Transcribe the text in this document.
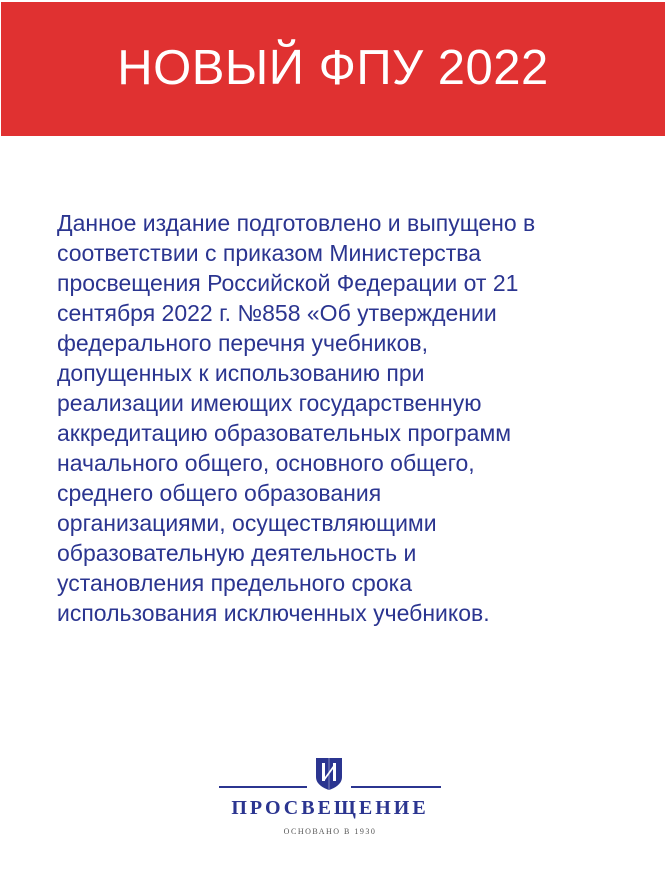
НОВЫЙ ФПУ 2022

Данное издание подготовлено и выпущено в
соответствии с приказом Министерства
просвещения Российской Федерации от 21
сентября 2022 г. №858 «Об утверждении
федерального перечня учебников,
допущенных к использованию при
реализации имеющих государственную
аккредитацию образовательных программ
начального общего, основного общего,
среднего общего образования
организациями, осуществляющими
образовательную деятельность и
установления предельного срока
использования исключенных учебников.

ПРОСВЕЩЕНИЕ
ОСНОВАНО В 1930
